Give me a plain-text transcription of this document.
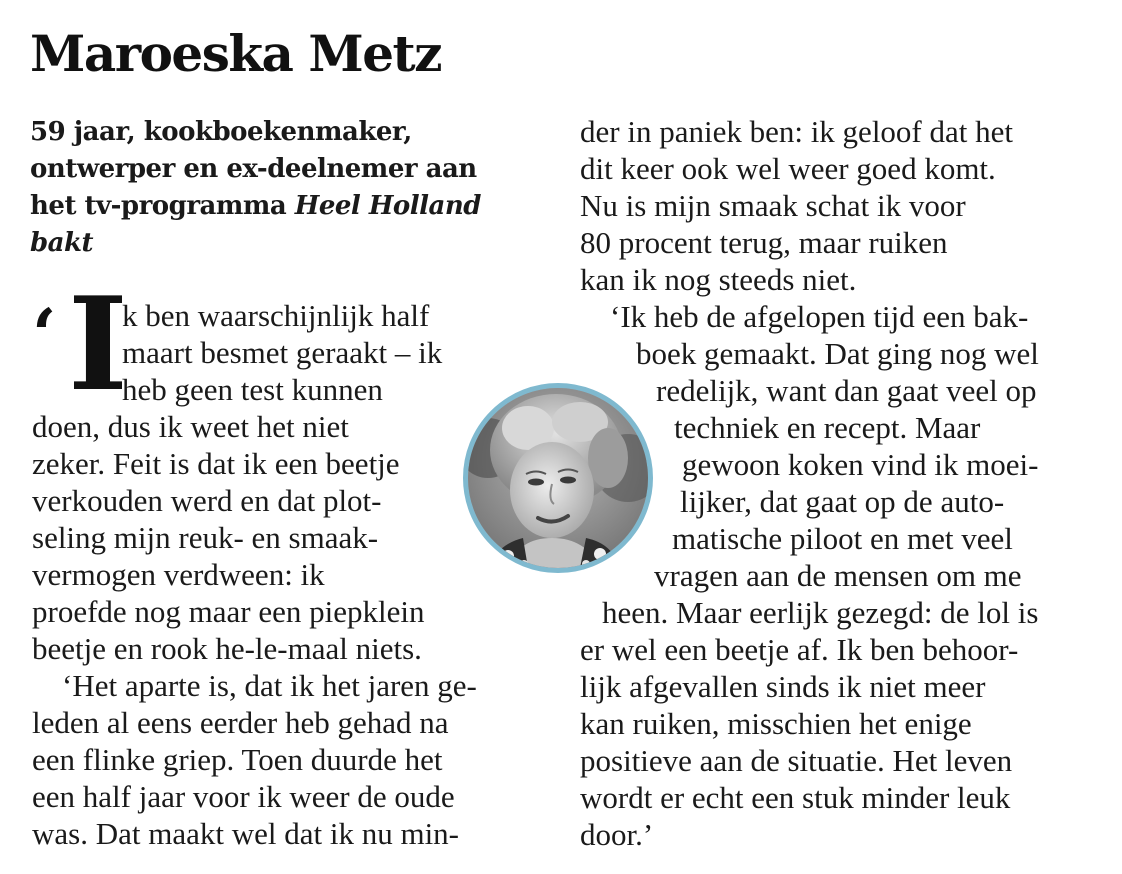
Maroeska Metz
59 jaar, kookboekenmaker,
ontwerper en ex-deelnemer aan
het tv-programma Heel Holland
bakt
‘ I
k ben waarschijnlijk half
maart besmet geraakt – ik
heb geen test kunnen
doen, dus ik weet het niet
zeker. Feit is dat ik een beetje
verkouden werd en dat plot-
seling mijn reuk- en smaak-
vermogen verdween: ik
proefde nog maar een piepklein
beetje en rook he-le-maal niets.
‘Het aparte is, dat ik het jaren ge-
leden al eens eerder heb gehad na
een flinke griep. Toen duurde het
een half jaar voor ik weer de oude
was. Dat maakt wel dat ik nu min-
der in paniek ben: ik geloof dat het
dit keer ook wel weer goed komt.
Nu is mijn smaak schat ik voor
80 procent terug, maar ruiken
kan ik nog steeds niet.
‘Ik heb de afgelopen tijd een bak-
boek gemaakt. Dat ging nog wel
redelijk, want dan gaat veel op
techniek en recept. Maar
gewoon koken vind ik moei-
lijker, dat gaat op de auto-
matische piloot en met veel
vragen aan de mensen om me
heen. Maar eerlijk gezegd: de lol is
er wel een beetje af. Ik ben behoor-
lijk afgevallen sinds ik niet meer
kan ruiken, misschien het enige
positieve aan de situatie. Het leven
wordt er echt een stuk minder leuk
door.’
